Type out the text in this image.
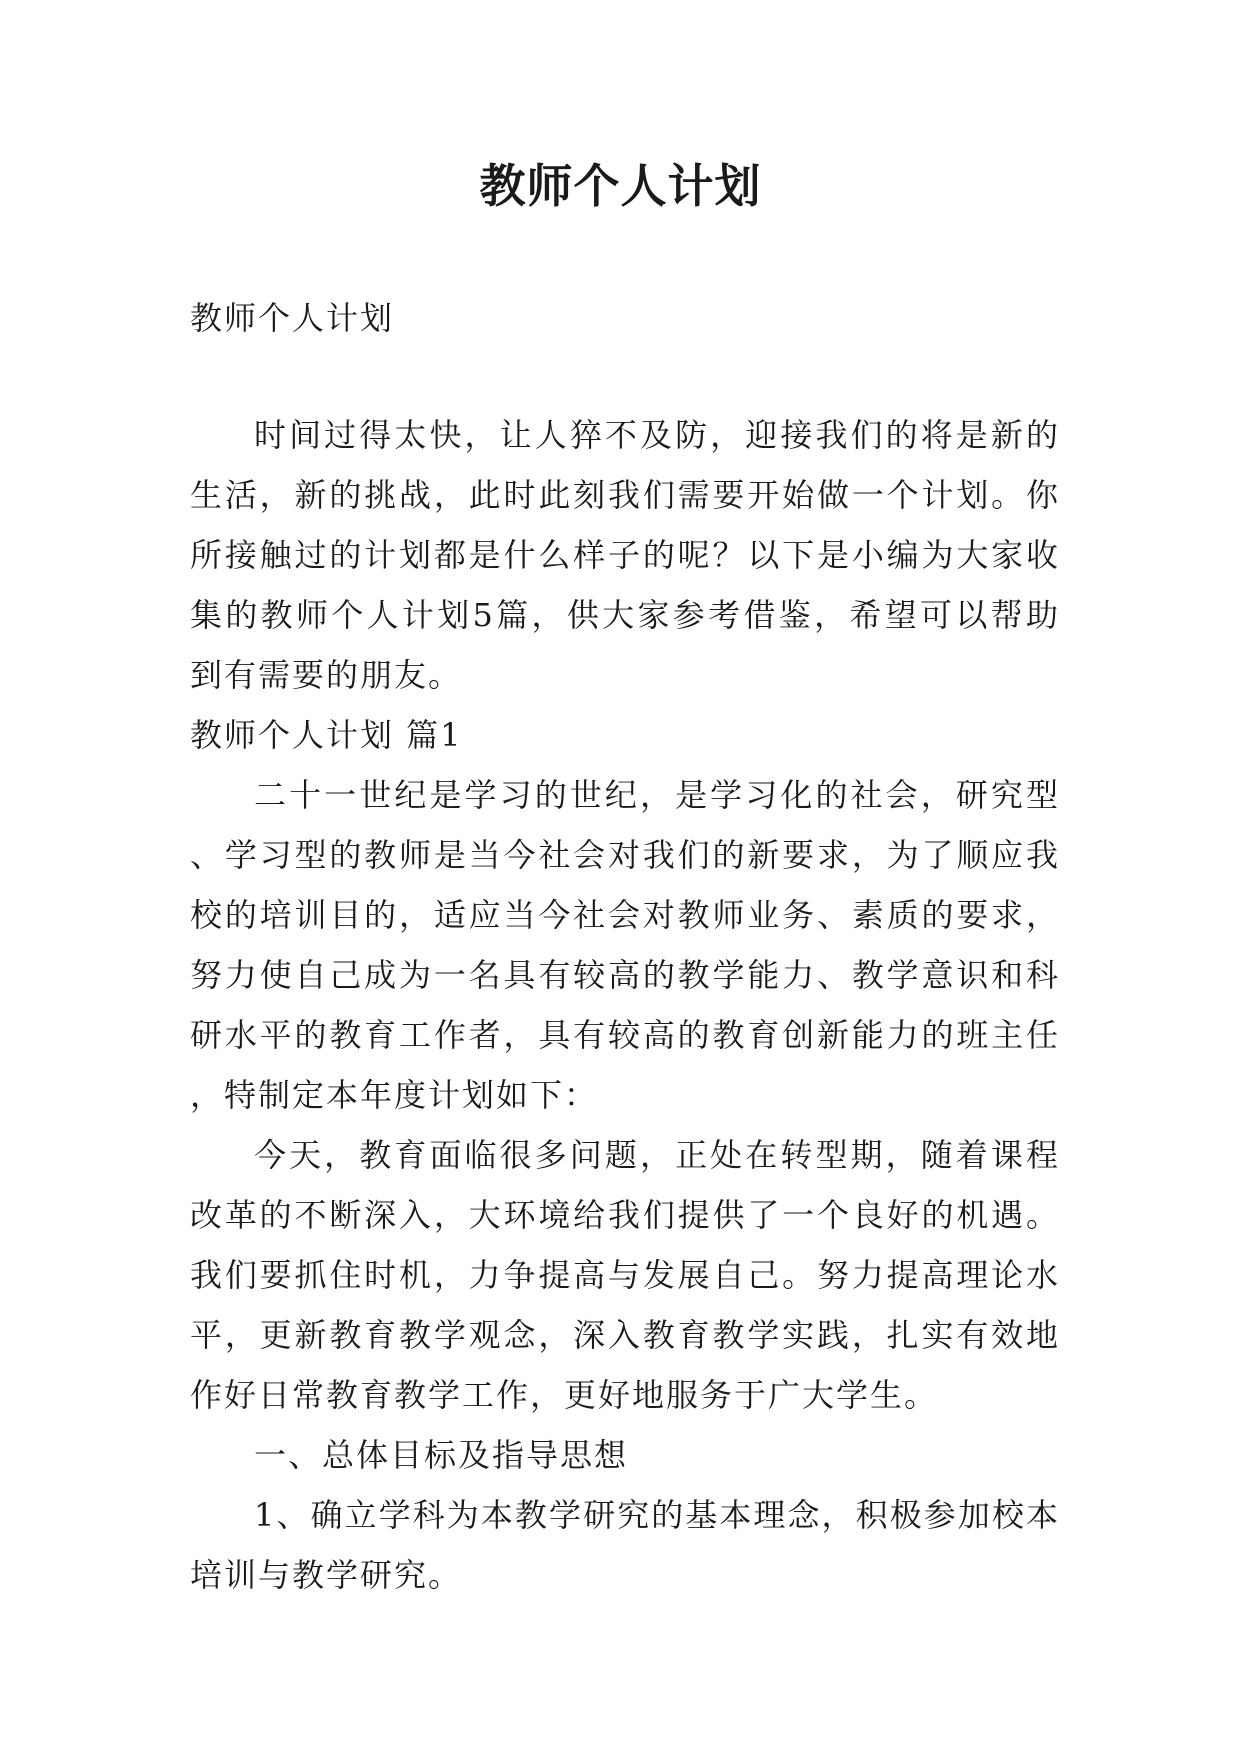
教师个人计划

教师个人计划

时间过得太快，让人猝不及防，迎接我们的将是新的生活，新的挑战，此时此刻我们需要开始做一个计划。你所接触过的计划都是什么样子的呢？以下是小编为大家收集的教师个人计划5篇，供大家参考借鉴，希望可以帮助到有需要的朋友。

教师个人计划 篇1

二十一世纪是学习的世纪，是学习化的社会，研究型、学习型的教师是当今社会对我们的新要求，为了顺应我校的培训目的，适应当今社会对教师业务、素质的要求，努力使自己成为一名具有较高的教学能力、教学意识和科研水平的教育工作者，具有较高的教育创新能力的班主任，特制定本年度计划如下：

今天，教育面临很多问题，正处在转型期，随着课程改革的不断深入，大环境给我们提供了一个良好的机遇。我们要抓住时机，力争提高与发展自己。努力提高理论水平，更新教育教学观念，深入教育教学实践，扎实有效地作好日常教育教学工作，更好地服务于广大学生。

一、总体目标及指导思想

1、确立学科为本教学研究的基本理念，积极参加校本培训与教学研究。
